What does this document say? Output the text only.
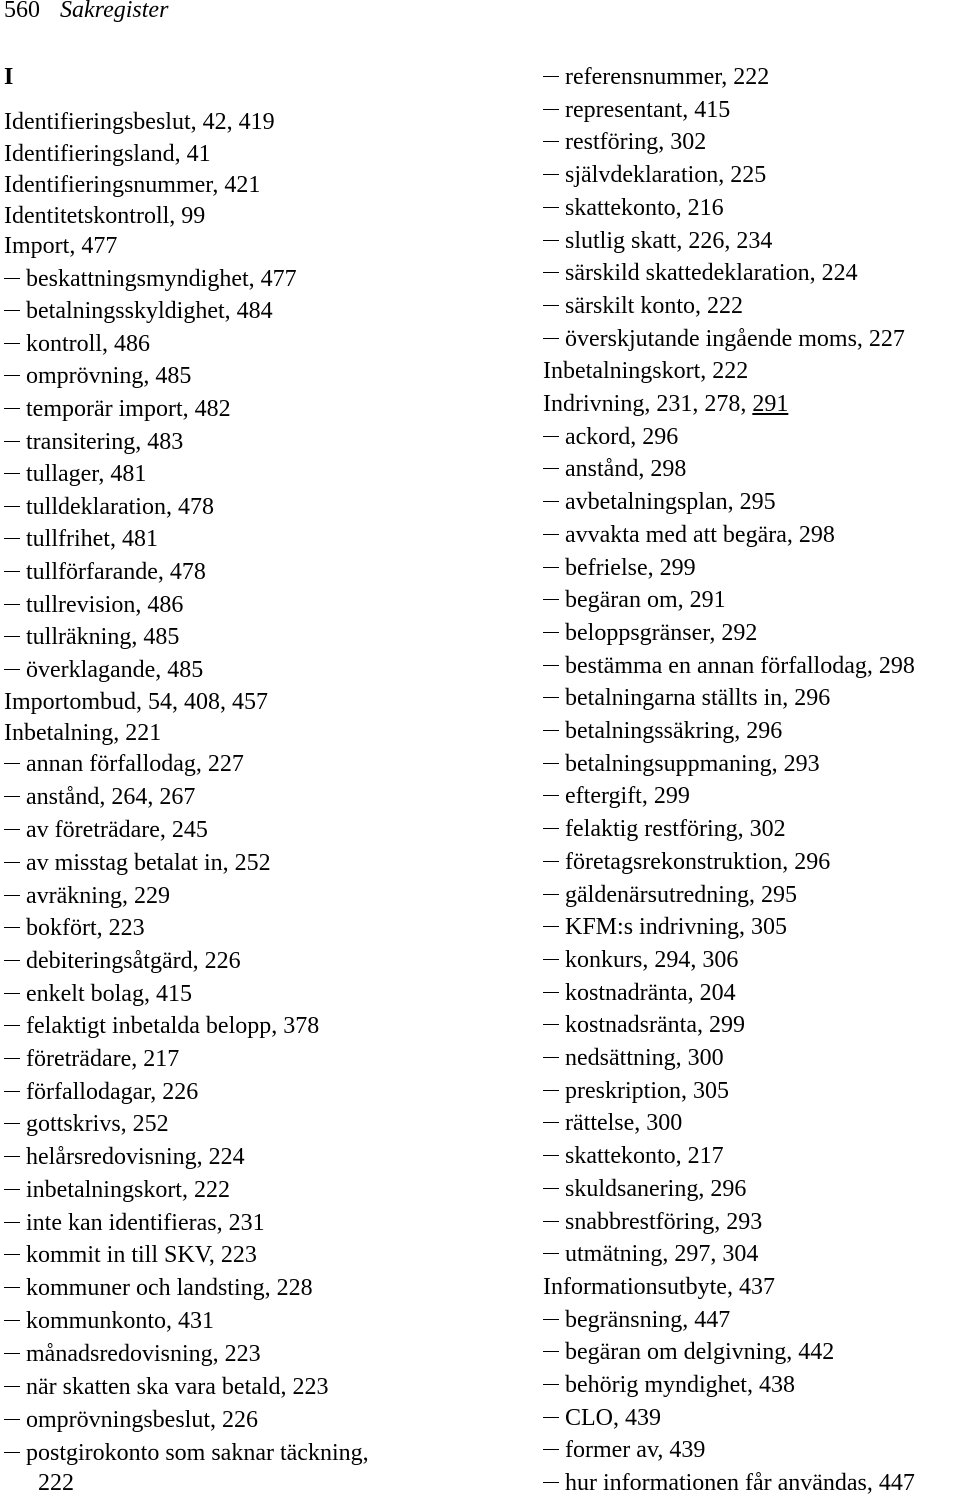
560 Sakregister
I
Identifieringsbeslut, 42, 419
Identifieringsland, 41
Identifieringsnummer, 421
Identitetskontroll, 99
Import, 477
beskattningsmyndighet, 477
betalningsskyldighet, 484
kontroll, 486
omprövning, 485
temporär import, 482
transitering, 483
tullager, 481
tulldeklaration, 478
tullfrihet, 481
tullförfarande, 478
tullrevision, 486
tullräkning, 485
överklagande, 485
Importombud, 54, 408, 457
Inbetalning, 221
annan förfallodag, 227
anstånd, 264, 267
av företrädare, 245
av misstag betalat in, 252
avräkning, 229
bokfört, 223
debiteringsåtgärd, 226
enkelt bolag, 415
felaktigt inbetalda belopp, 378
företrädare, 217
förfallodagar, 226
gottskrivs, 252
helårsredovisning, 224
inbetalningskort, 222
inte kan identifieras, 231
kommit in till SKV, 223
kommuner och landsting, 228
kommunkonto, 431
månadsredovisning, 223
när skatten ska vara betald, 223
omprövningsbeslut, 226
postgirokonto som saknar täckning,
222
referensnummer, 222
representant, 415
restföring, 302
självdeklaration, 225
skattekonto, 216
slutlig skatt, 226, 234
särskild skattedeklaration, 224
särskilt konto, 222
överskjutande ingående moms, 227
Inbetalningskort, 222
Indrivning, 231, 278, 291
ackord, 296
anstånd, 298
avbetalningsplan, 295
avvakta med att begära, 298
befrielse, 299
begäran om, 291
beloppsgränser, 292
bestämma en annan förfallodag, 298
betalningarna ställts in, 296
betalningssäkring, 296
betalningsuppmaning, 293
eftergift, 299
felaktig restföring, 302
företagsrekonstruktion, 296
gäldenärsutredning, 295
KFM:s indrivning, 305
konkurs, 294, 306
kostnadränta, 204
kostnadsränta, 299
nedsättning, 300
preskription, 305
rättelse, 300
skattekonto, 217
skuldsanering, 296
snabbrestföring, 293
utmätning, 297, 304
Informationsutbyte, 437
begränsning, 447
begäran om delgivning, 442
behörig myndighet, 438
CLO, 439
former av, 439
hur informationen får användas, 447
